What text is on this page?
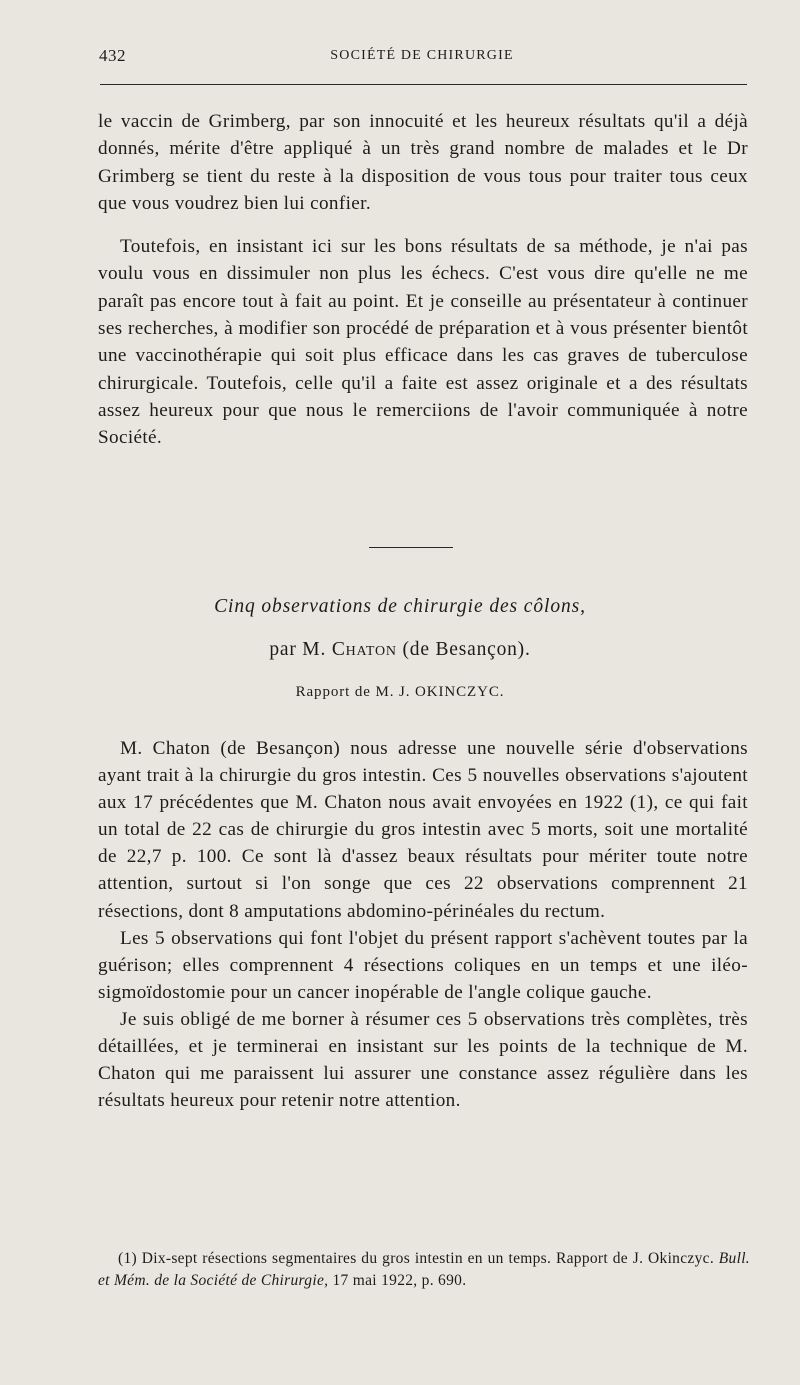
432	SOCIÉTÉ DE CHIRURGIE

le vaccin de Grimberg, par son innocuité et les heureux résultats qu'il a déjà donnés, mérite d'être appliqué à un très grand nombre de malades et le Dr Grimberg se tient du reste à la disposition de vous tous pour traiter tous ceux que vous voudrez bien lui confier.

Toutefois, en insistant ici sur les bons résultats de sa méthode, je n'ai pas voulu vous en dissimuler non plus les échecs. C'est vous dire qu'elle ne me paraît pas encore tout à fait au point. Et je conseille au présentateur à continuer ses recherches, à modifier son procédé de préparation et à vous présenter bientôt une vaccinothérapie qui soit plus efficace dans les cas graves de tuberculose chirurgicale. Toutefois, celle qu'il a faite est assez originale et a des résultats assez heureux pour que nous le remerciions de l'avoir communiquée à notre Société.

Cinq observations de chirurgie des côlons,
par M. Chaton (de Besançon).
Rapport de M. J. OKINCZYC.

M. Chaton (de Besançon) nous adresse une nouvelle série d'observations ayant trait à la chirurgie du gros intestin. Ces 5 nouvelles observations s'ajoutent aux 17 précédentes que M. Chaton nous avait envoyées en 1922 (1), ce qui fait un total de 22 cas de chirurgie du gros intestin avec 5 morts, soit une mortalité de 22,7 p. 100. Ce sont là d'assez beaux résultats pour mériter toute notre attention, surtout si l'on songe que ces 22 observations comprennent 21 résections, dont 8 amputations abdomino-périnéales du rectum.

Les 5 observations qui font l'objet du présent rapport s'achèvent toutes par la guérison; elles comprennent 4 résections coliques en un temps et une iléo-sigmoïdostomie pour un cancer inopérable de l'angle colique gauche.

Je suis obligé de me borner à résumer ces 5 observations très complètes, très détaillées, et je terminerai en insistant sur les points de la technique de M. Chaton qui me paraissent lui assurer une constance assez régulière dans les résultats heureux pour retenir notre attention.

(1) Dix-sept résections segmentaires du gros intestin en un temps. Rapport de J. Okinczyc. Bull. et Mém. de la Société de Chirurgie, 17 mai 1922, p. 690.
